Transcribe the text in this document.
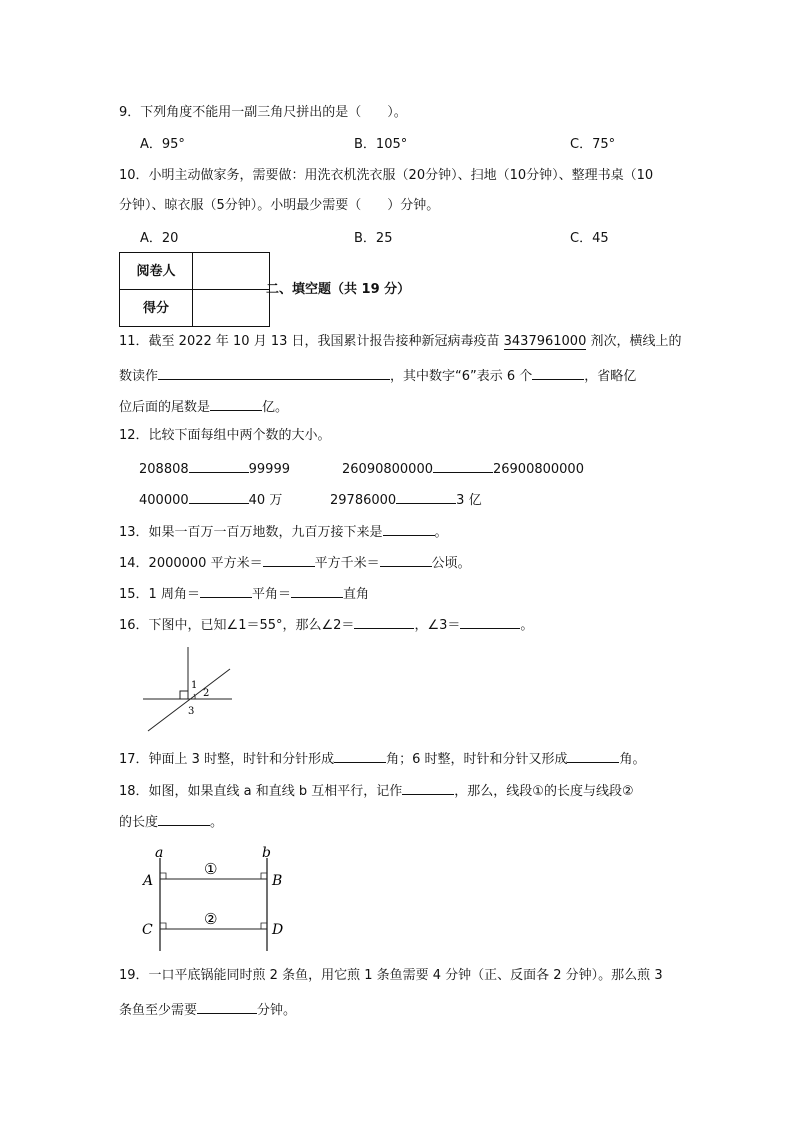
9．下列角度不能用一副三角尺拼出的是（　　）。
A．95°	B．105°	C．75°
10．小明主动做家务，需要做：用洗衣机洗衣服（20分钟）、扫地（10分钟）、整理书桌（10
分钟）、晾衣服（5分钟）。小明最少需要（　　）分钟。
A．20	B．25	C．45
阅卷人	
得分	
二、填空题（共 19 分）
11．截至 2022 年 10 月 13 日，我国累计报告接种新冠病毒疫苗 3437961000 剂次，横线上的
数读作	，其中数字“6”表示 6 个	，省略亿
位后面的尾数是	亿。
12．比较下面每组中两个数的大小。
208808	99999	26090800000	26900800000
400000	40 万	29786000	3 亿
13．如果一百万一百万地数，九百万接下来是	。
14．2000000 平方米＝	平方千米＝	公顷。
15．1 周角＝	平角＝	直角
16．下图中，已知∠1＝55°，那么∠2＝	，∠3＝	。
1
2
3
17．钟面上 3 时整，时针和分针形成	角；6 时整，时针和分针又形成	角。
18．如图，如果直线 a 和直线 b 互相平行，记作	，那么，线段①的长度与线段②
的长度	。
a	b
A	B
C	D
①
②
19．一口平底锅能同时煎 2 条鱼，用它煎 1 条鱼需要 4 分钟（正、反面各 2 分钟）。那么煎 3
条鱼至少需要	分钟。
